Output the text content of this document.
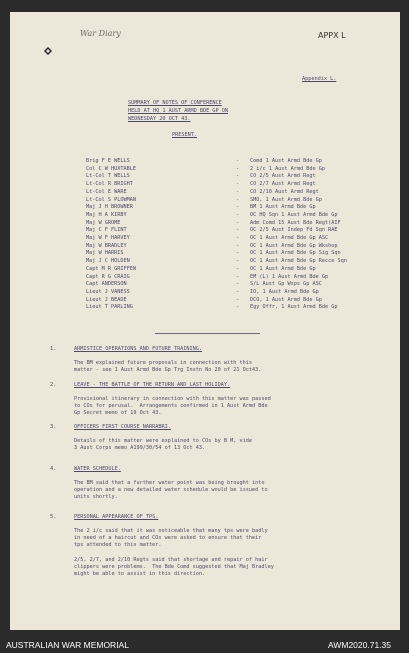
War Diary	APPX L
Appendix L.
SUMMARY OF NOTES OF CONFERENCE
HELD AT HQ 1 AUST ARMD BDE GP ON
WEDNESDAY 20 OCT 43.
PRESENT.
Brig F E WELLS	- Comd 1 Aust Armd Bde Gp
Col C W HUXTABLE	- 2 i/c 1 Aust Armd Bde Gp
Lt-Col T WELLS	- CO 2/5 Aust Armd Regt
Lt-Col R BRIGHT	- CO 2/7 Aust Armd Regt
Lt-Col E WARE	- CO 2/10 Aust Armd Regt
Lt-Col S PLOWMAN	- SMO, 1 Aust Armd Bde Gp
Maj J H BROWNER	- BM 1 Aust Armd Bde Gp
Maj H A KIRBY	- OC HQ Sqn 1 Aust Armd Bde Gp
Maj W GROME	- Adm Comd 15 Aust Bde Regt(AIF
Maj C F FLINT	- OC 2/5 Aust Indep Fd Sqn RAE
Maj W F HARVEY	- OC 1 Aust Armd Bde Gp ASC
Maj W BRADLEY	- OC 1 Aust Armd Bde Gp Wkshop
Maj W HARRIS	- OC 1 Aust Armd Bde Gp Sig Sqn
Maj J C HOLDEN	- OC 1 Aust Armd Bde Gp Recce Sqn
Capt M R GRIFFEN	- OC 1 Aust Armd Bde Gp
Capt R G CRAIG	- EM (L) 1 Aust Armd Bde Gp
Capt ANDERSON	- S/L Aust Gp Wsps Gp ASC
Lieut J VANESS	- IO, 1 Aust Armd Bde Gp
Lieut J BEADE	- DCO, 1 Aust Armd Bde Gp
Lieut T PARLING	- Egy Offr, 1 Aust Armd Bde Gp
1.	ARMISTICE OPERATIONS AND FUTURE TRAINING.
The BM explained future proposals in connection with this
matter - see 1 Aust Armd Bde Gp Trg Instn No 20 of 21 Oct43.
2.	LEAVE - THE BATTLE OF THE RETURN AND LAST HOLIDAY.
Provisional itinerary in connection with this matter was passed
to COs for perusal.  Arrangements confirmed in 1 Aust Armd Bde
Gp Secret memo of 19 Oct 43.
3.	OFFICERS FIRST COURSE NARRABRI.
Details of this matter were explained to COs by B M, vide
3 Aust Corps memo A199/30/54 of 13 Oct 43.
4.	WATER SCHEDULE.
The BM said that a further water point was being brought into
operation and a new detailed water schedule would be issued to
units shortly.
5.	PERSONAL APPEARANCE OF TPS.
The 2 i/c said that it was noticeable that many tps were badly
in need of a haircut and COs were asked to ensure that their
tps attended to this matter.

2/5, 2/7, and 2/10 Regts said that shortage and repair of hair
clippers were problems.  The Bde Comd suggested that Maj Bradley
might be able to assist in this direction.
AUSTRALIAN WAR MEMORIAL	AWM2020.71.35
